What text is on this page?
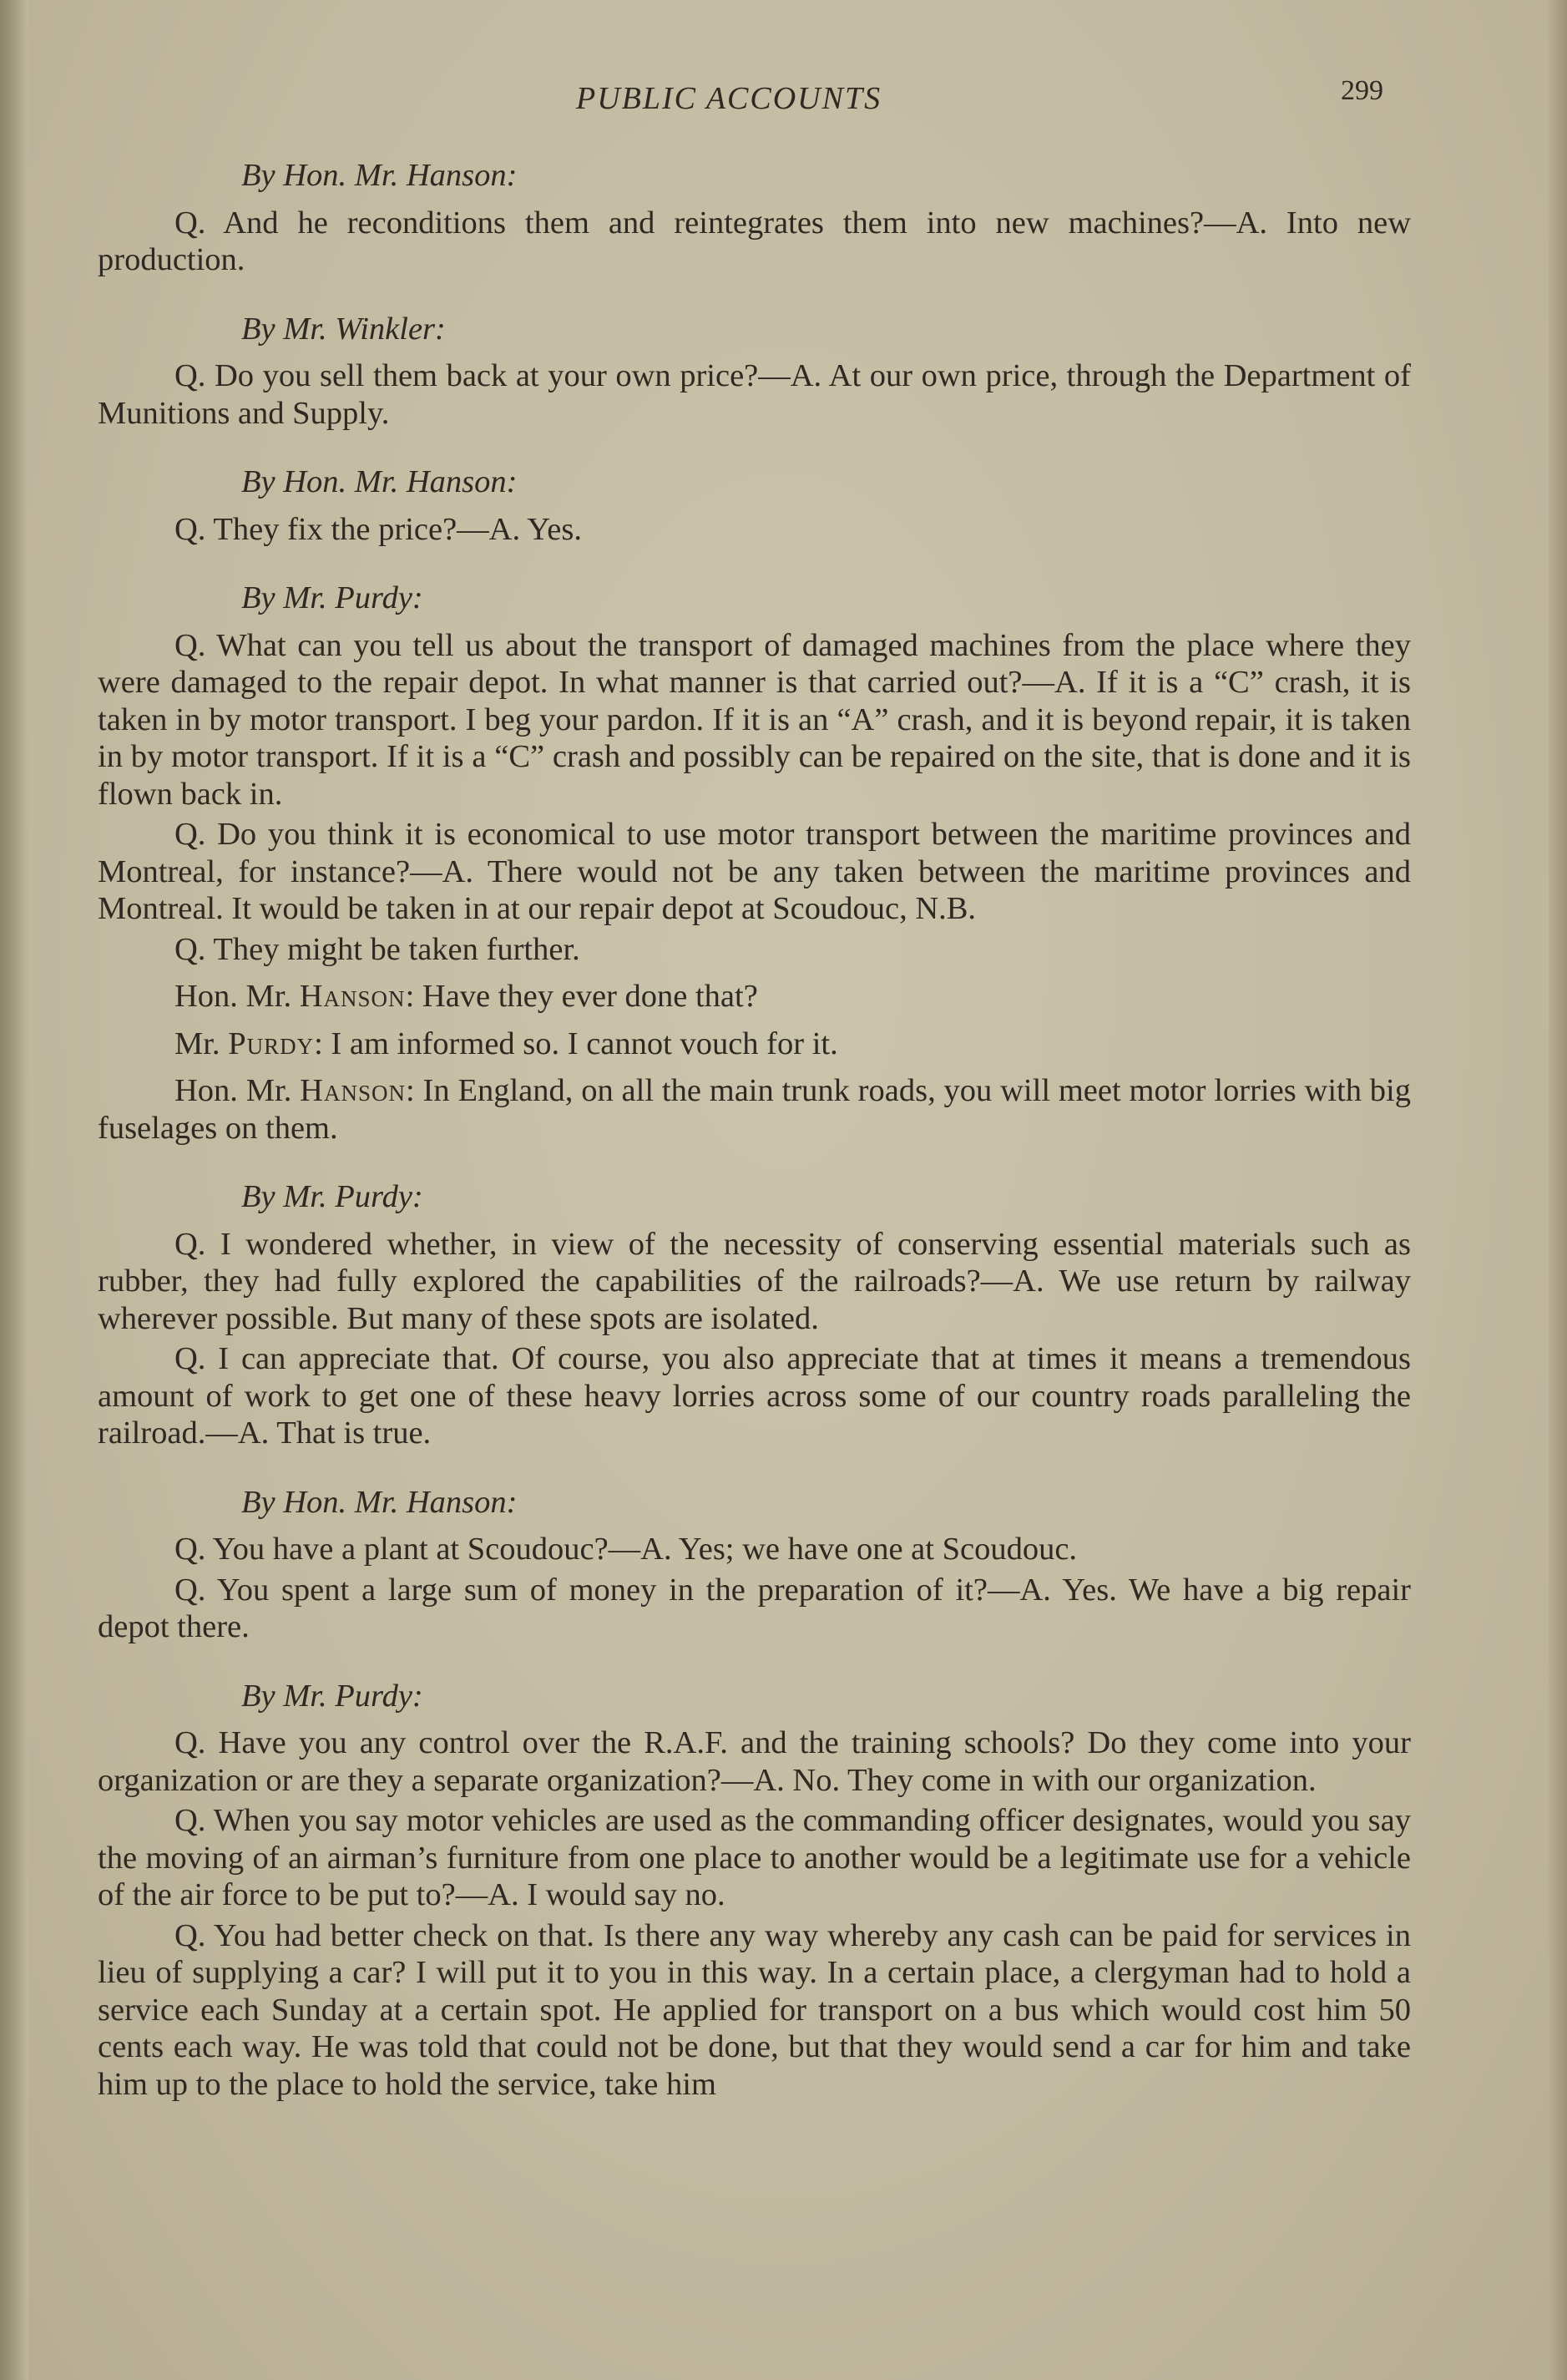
PUBLIC ACCOUNTS	299
By Hon. Mr. Hanson:

Q. And he reconditions them and reintegrates them into new machines?—A. Into new production.

By Mr. Winkler:

Q. Do you sell them back at your own price?—A. At our own price, through the Department of Munitions and Supply.

By Hon. Mr. Hanson:

Q. They fix the price?—A. Yes.

By Mr. Purdy:

Q. What can you tell us about the transport of damaged machines from the place where they were damaged to the repair depot. In what manner is that carried out?—A. If it is a “C” crash, it is taken in by motor transport. I beg your pardon. If it is an “A” crash, and it is beyond repair, it is taken in by motor transport. If it is a “C” crash and possibly can be repaired on the site, that is done and it is flown back in.

Q. Do you think it is economical to use motor transport between the maritime provinces and Montreal, for instance?—A. There would not be any taken between the maritime provinces and Montreal. It would be taken in at our repair depot at Scoudouc, N.B.

Q. They might be taken further.

Hon. Mr. Hanson: Have they ever done that?

Mr. Purdy: I am informed so. I cannot vouch for it.

Hon. Mr. Hanson: In England, on all the main trunk roads, you will meet motor lorries with big fuselages on them.

By Mr. Purdy:

Q. I wondered whether, in view of the necessity of conserving essential materials such as rubber, they had fully explored the capabilities of the railroads?—A. We use return by railway wherever possible. But many of these spots are isolated.

Q. I can appreciate that. Of course, you also appreciate that at times it means a tremendous amount of work to get one of these heavy lorries across some of our country roads paralleling the railroad.—A. That is true.

By Hon. Mr. Hanson:

Q. You have a plant at Scoudouc?—A. Yes; we have one at Scoudouc.

Q. You spent a large sum of money in the preparation of it?—A. Yes. We have a big repair depot there.

By Mr. Purdy:

Q. Have you any control over the R.A.F. and the training schools? Do they come into your organization or are they a separate organization?—A. No. They come in with our organization.

Q. When you say motor vehicles are used as the commanding officer designates, would you say the moving of an airman’s furniture from one place to another would be a legitimate use for a vehicle of the air force to be put to?—A. I would say no.

Q. You had better check on that. Is there any way whereby any cash can be paid for services in lieu of supplying a car? I will put it to you in this way. In a certain place, a clergyman had to hold a service each Sunday at a certain spot. He applied for transport on a bus which would cost him 50 cents each way. He was told that could not be done, but that they would send a car for him and take him up to the place to hold the service, take him
